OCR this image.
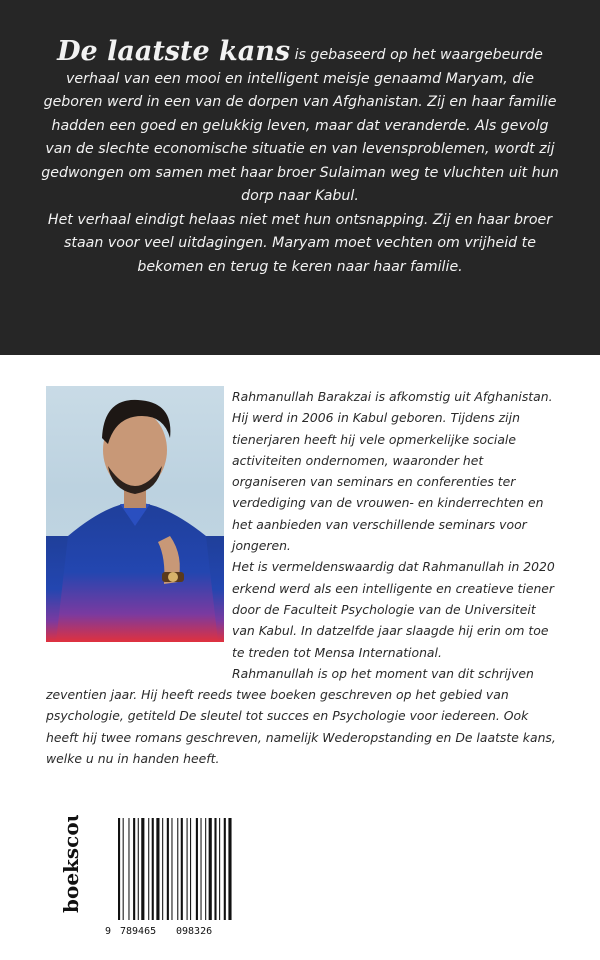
De laatste kans is gebaseerd op het waargebeurde verhaal van een mooi en intelligent meisje genaamd Maryam, die geboren werd in een van de dorpen van Afghanistan. Zij en haar familie hadden een goed en gelukkig leven, maar dat veranderde. Als gevolg van de slechte economische situatie en van levensproblemen, wordt zij gedwongen om samen met haar broer Sulaiman weg te vluchten uit hun dorp naar Kabul.
Het verhaal eindigt helaas niet met hun ontsnapping. Zij en haar broer staan voor veel uitdagingen. Maryam moet vechten om vrijheid te bekomen en terug te keren naar haar familie.

Rahmanullah Barakzai is afkomstig uit Afghanistan. Hij werd in 2006 in Kabul geboren. Tijdens zijn tienerjaren heeft hij vele opmerkelijke sociale activiteiten ondernomen, waaronder het organiseren van seminars en conferenties ter verdediging van de vrouwen- en kinderrechten en het aanbieden van verschillende seminars voor jongeren.

Het is vermeldenswaardig dat Rahmanullah in 2020 erkend werd als een intelligente en creatieve tiener door de Faculteit Psychologie van de Universiteit van Kabul. In datzelfde jaar slaagde hij erin om toe te treden tot Mensa International.

Rahmanullah is op het moment van dit schrijven zeventien jaar. Hij heeft reeds twee boeken geschreven op het gebied van psychologie, getiteld De sleutel tot succes en Psychologie voor iedereen. Ook heeft hij twee romans geschreven, namelijk Wederopstanding en De laatste kans, welke u nu in handen heeft.

boekscout
9 789465 098326
